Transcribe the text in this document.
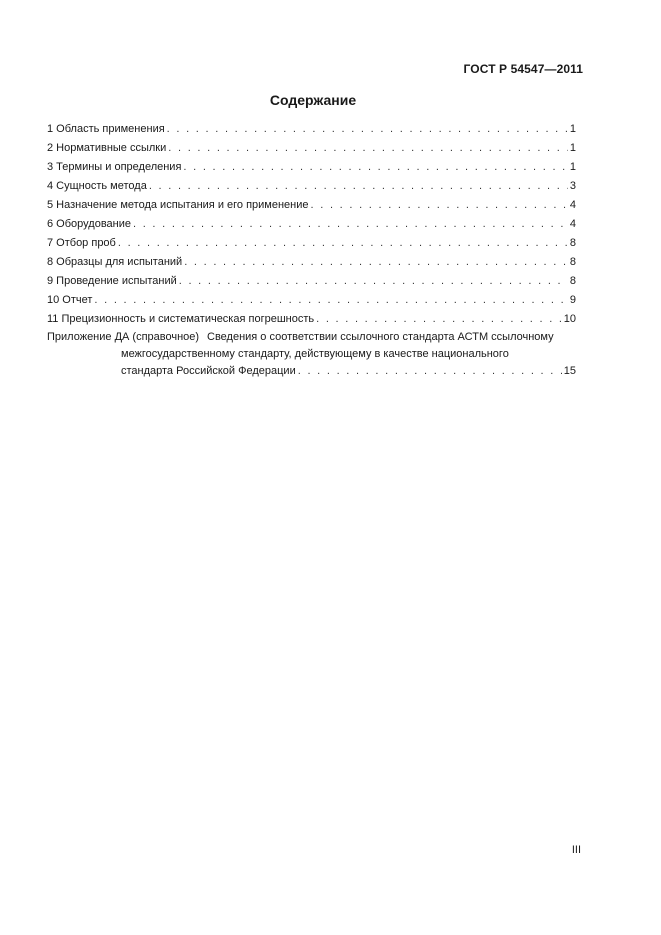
ГОСТ Р 54547—2011
Содержание
1 Область применения . . .	1
2 Нормативные ссылки . . .	1
3 Термины и определения . . .	1
4 Сущность метода . . .	3
5 Назначение метода испытания и его применение . . .	4
6 Оборудование . . .	4
7 Отбор проб . . .	8
8 Образцы для испытаний . . .	8
9 Проведение испытаний . . .	8
10 Отчет . . .	9
11 Прецизионность и систематическая погрешность . . .	10
Приложение ДА (справочное) Сведения о соответствии ссылочного стандарта АСТМ ссылочному
межгосударственному стандарту, действующему в качестве национального
стандарта Российской Федерации . . .	15
III
